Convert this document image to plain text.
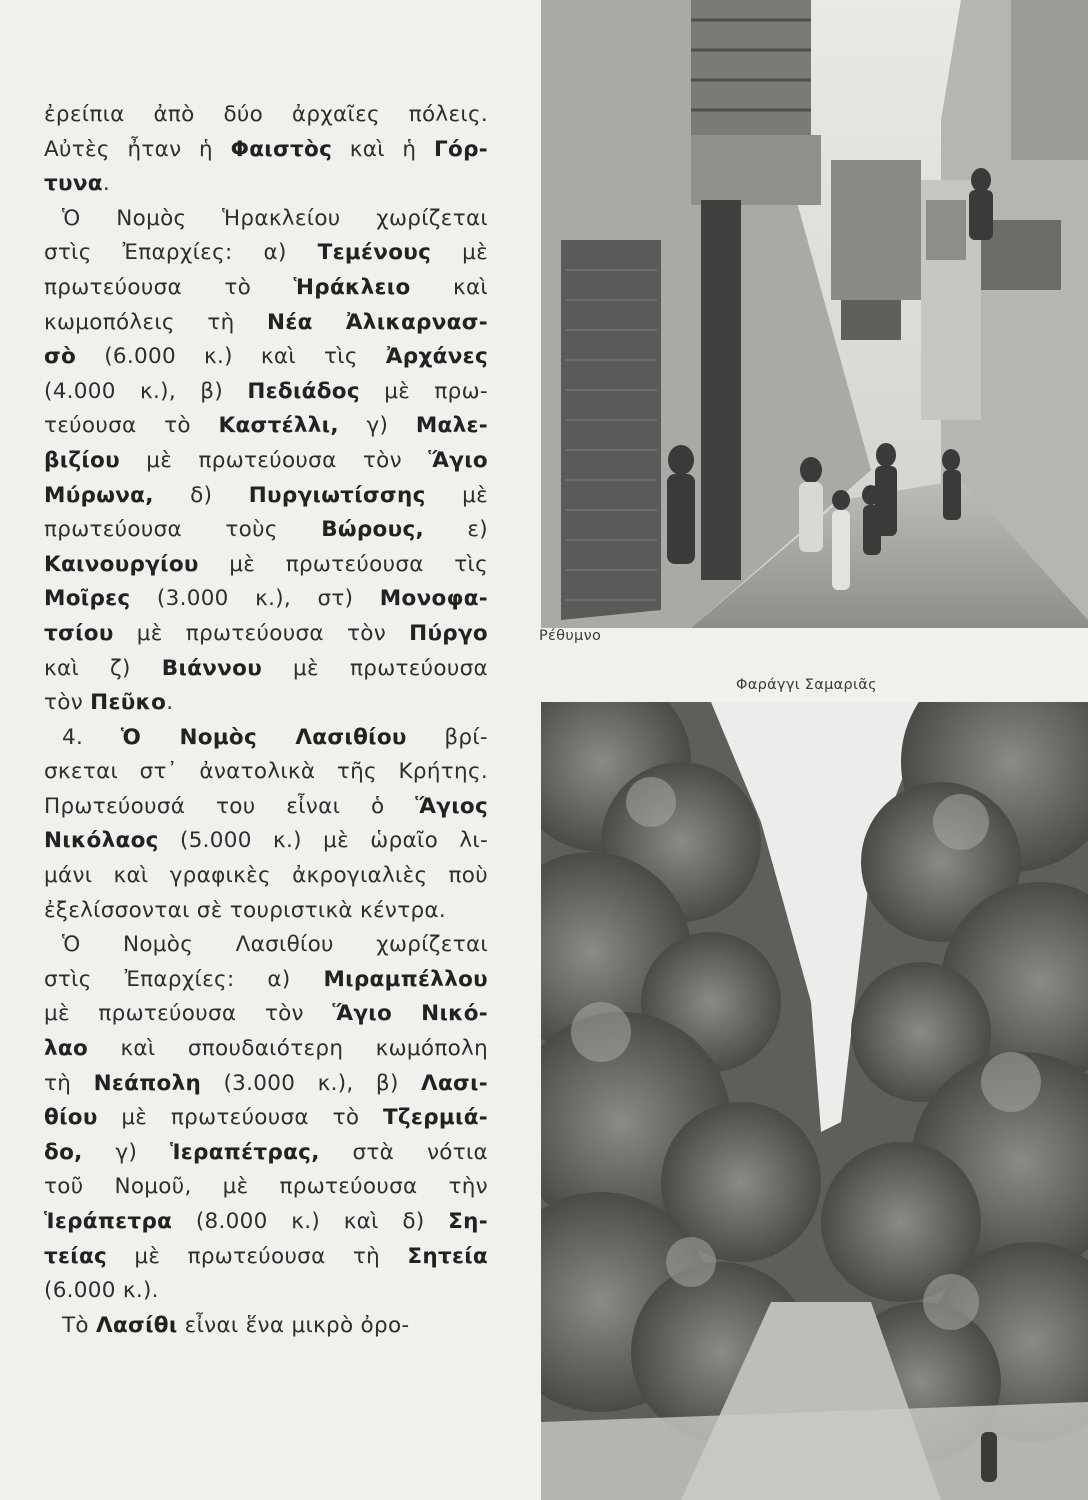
ἐρείπια ἀπὸ δύο ἀρχαῖες πόλεις.
Αὐτὲς ἦταν ἡ Φαιστὸς καὶ ἡ Γόρ-
τυνα.
Ὁ Νομὸς Ἡρακλείου χωρίζεται
στὶς Ἐπαρχίες: α) Τεμένους μὲ
πρωτεύουσα τὸ Ἡράκλειο καὶ
κωμοπόλεις τὴ Νέα Ἀλικαρνασ-
σὸ (6.000 κ.) καὶ τὶς Ἀρχάνες
(4.000 κ.), β) Πεδιάδος μὲ πρω-
τεύουσα τὸ Καστέλλι, γ) Μαλε-
βιζίου μὲ πρωτεύουσα τὸν Ἅγιο
Μύρωνα, δ) Πυργιωτίσσης μὲ
πρωτεύουσα τοὺς Βώρους, ε)
Καινουργίου μὲ πρωτεύουσα τὶς
Μοῖρες (3.000 κ.), στ) Μονοφα-
τσίου μὲ πρωτεύουσα τὸν Πύργο
καὶ ζ) Βιάννου μὲ πρωτεύουσα
τὸν Πεῦκο.
4. Ὁ Νομὸς Λασιθίου βρί-
σκεται στ᾽ ἀνατολικὰ τῆς Κρήτης.
Πρωτεύουσά του εἶναι ὁ Ἅγιος
Νικόλαος (5.000 κ.) μὲ ὡραῖο λι-
μάνι καὶ γραφικὲς ἀκρογιαλιὲς ποὺ
ἐξελίσσονται σὲ τουριστικὰ κέντρα.
Ὁ Νομὸς Λασιθίου χωρίζεται
στὶς Ἐπαρχίες: α) Μιραμπέλλου
μὲ πρωτεύουσα τὸν Ἅγιο Νικό-
λαο καὶ σπουδαιότερη κωμόπολη
τὴ Νεάπολη (3.000 κ.), β) Λασι-
θίου μὲ πρωτεύουσα τὸ Τζερμιά-
δο, γ) Ἱεραπέτρας, στὰ νότια
τοῦ Νομοῦ, μὲ πρωτεύουσα τὴν
Ἱεράπετρα (8.000 κ.) καὶ δ) Ση-
τείας μὲ πρωτεύουσα τὴ Σητεία
(6.000 κ.).
Τὸ Λασίθι εἶναι ἕνα μικρὸ ὀρο-
Ρέθυμνο
Φαράγγι Σαμαριᾶς
